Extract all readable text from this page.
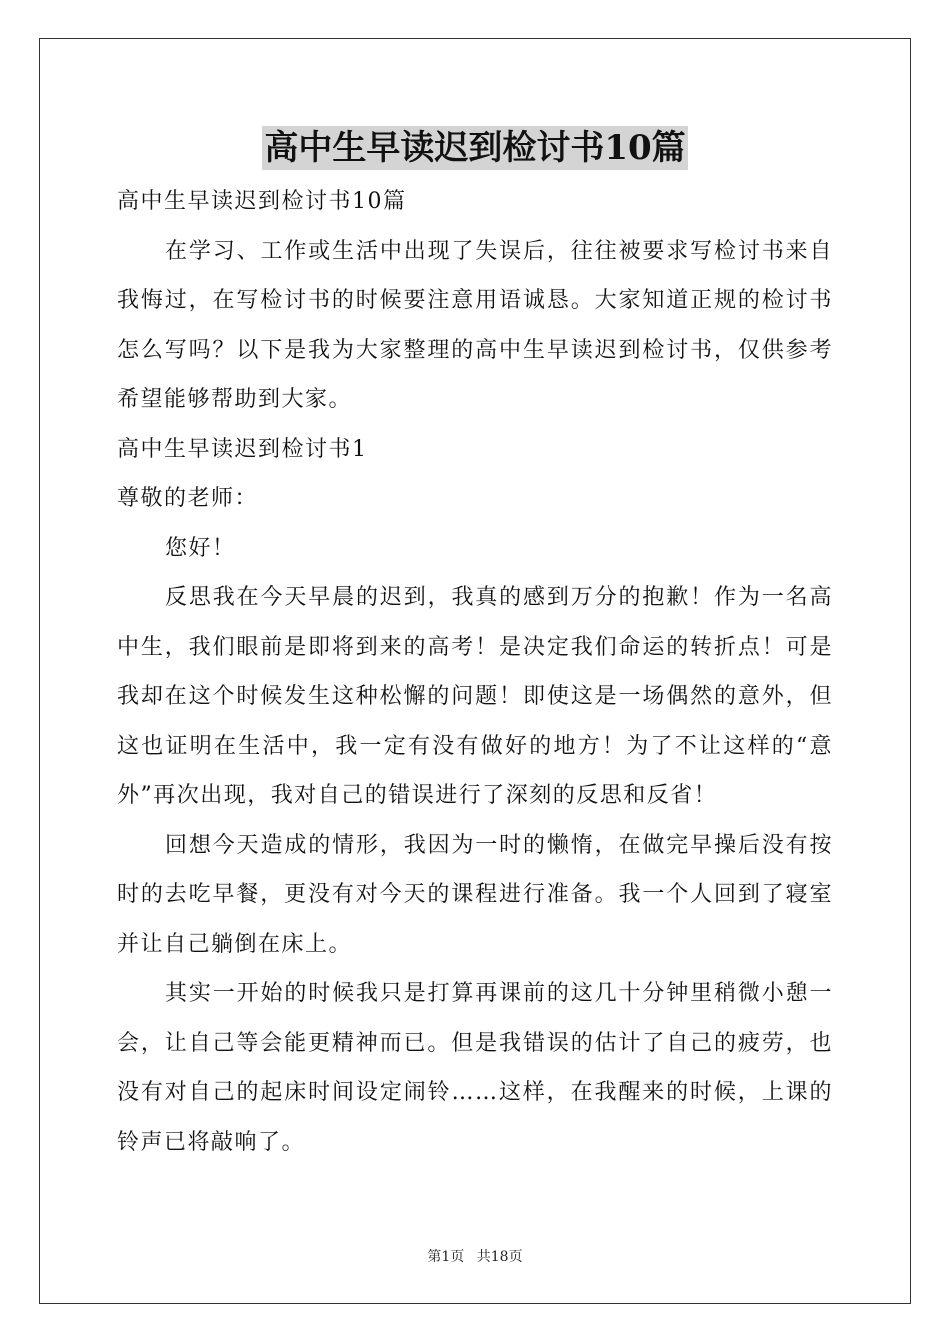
高中生早读迟到检讨书10篇
高中生早读迟到检讨书10篇
在学习、工作或生活中出现了失误后，往往被要求写检讨书来自
我悔过，在写检讨书的时候要注意用语诚恳。大家知道正规的检讨书
怎么写吗？以下是我为大家整理的高中生早读迟到检讨书，仅供参考
希望能够帮助到大家。
高中生早读迟到检讨书1
尊敬的老师：
您好！
反思我在今天早晨的迟到，我真的感到万分的抱歉！作为一名高
中生，我们眼前是即将到来的高考！是决定我们命运的转折点！可是
我却在这个时候发生这种松懈的问题！即使这是一场偶然的意外，但
这也证明在生活中，我一定有没有做好的地方！为了不让这样的“意
外”再次出现，我对自己的错误进行了深刻的反思和反省！
回想今天造成的情形，我因为一时的懒惰，在做完早操后没有按
时的去吃早餐，更没有对今天的课程进行准备。我一个人回到了寝室
并让自己躺倒在床上。
其实一开始的时候我只是打算再课前的这几十分钟里稍微小憩一
会，让自己等会能更精神而已。但是我错误的估计了自己的疲劳，也
没有对自己的起床时间设定闹铃……这样，在我醒来的时候，上课的
铃声已将敲响了。
第1页 共18页
